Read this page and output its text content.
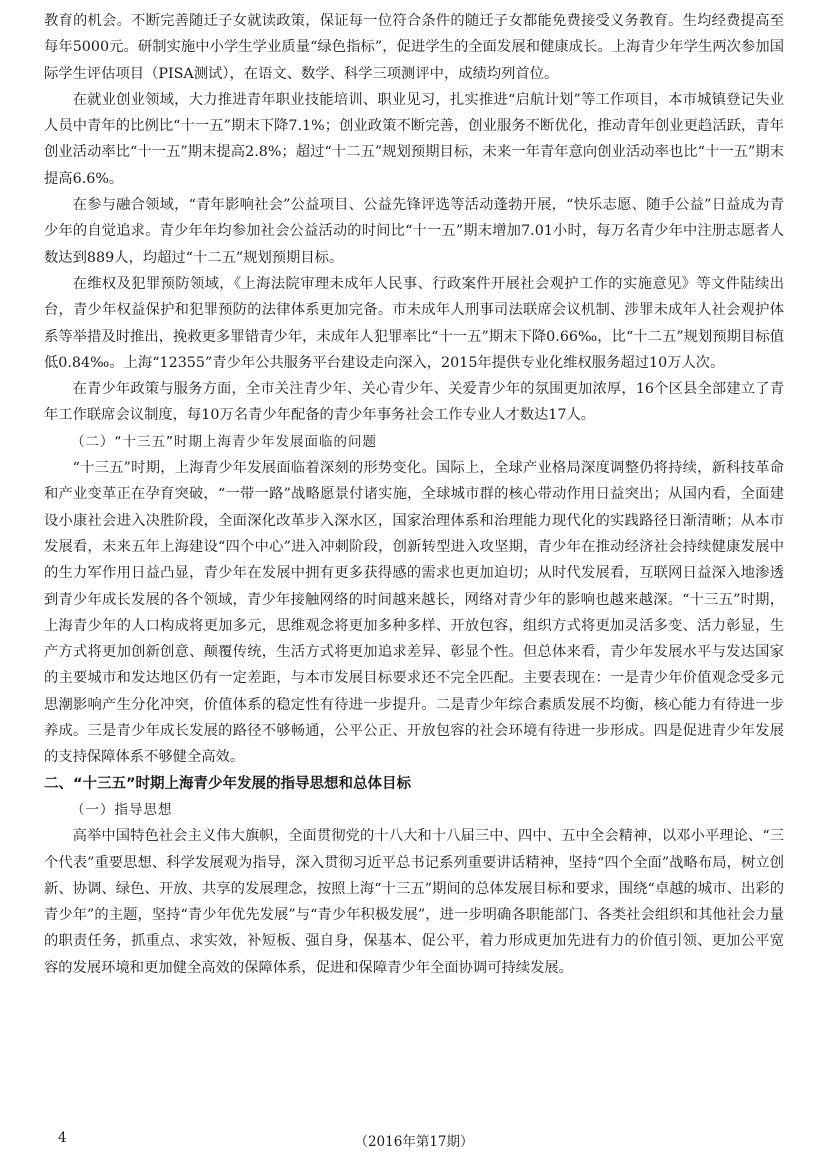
教育的机会。不断完善随迁子女就读政策，保证每一位符合条件的随迁子女都能免费接受义务教育。生均经费提高至每年5000元。研制实施中小学生学业质量“绿色指标”，促进学生的全面发展和健康成长。上海青少年学生两次参加国际学生评估项目（PISA测试），在语文、数学、科学三项测评中，成绩均列首位。

在就业创业领域，大力推进青年职业技能培训、职业见习，扎实推进“启航计划”等工作项目，本市城镇登记失业人员中青年的比例比“十一五”期末下降7.1%；创业政策不断完善，创业服务不断优化，推动青年创业更趋活跃，青年创业活动率比“十一五”期末提高2.8%；超过“十二五”规划预期目标，未来一年青年意向创业活动率也比“十一五”期末提高6.6%。

在参与融合领域，“青年影响社会”公益项目、公益先锋评选等活动蓬勃开展，“快乐志愿、随手公益”日益成为青少年的自觉追求。青少年年均参加社会公益活动的时间比“十一五”期末增加7.01小时，每万名青少年中注册志愿者人数达到889人，均超过“十二五”规划预期目标。

在维权及犯罪预防领域，《上海法院审理未成年人民事、行政案件开展社会观护工作的实施意见》等文件陆续出台，青少年权益保护和犯罪预防的法律体系更加完备。市未成年人刑事司法联席会议机制、涉罪未成年人社会观护体系等举措及时推出，挽救更多罪错青少年，未成年人犯罪率比“十一五”期末下降0.66‰，比“十二五”规划预期目标值低0.84‰。上海“12355”青少年公共服务平台建设走向深入，2015年提供专业化维权服务超过10万人次。

在青少年政策与服务方面，全市关注青少年、关心青少年、关爱青少年的氛围更加浓厚，16个区县全部建立了青年工作联席会议制度，每10万名青少年配备的青少年事务社会工作专业人才数达17人。

（二）“十三五”时期上海青少年发展面临的问题

“十三五”时期，上海青少年发展面临着深刻的形势变化。国际上，全球产业格局深度调整仍将持续，新科技革命和产业变革正在孕育突破，“一带一路”战略愿景付诸实施，全球城市群的核心带动作用日益突出；从国内看，全面建设小康社会进入决胜阶段，全面深化改革步入深水区，国家治理体系和治理能力现代化的实践路径日渐清晰；从本市发展看，未来五年上海建设“四个中心”进入冲刺阶段，创新转型进入攻坚期，青少年在推动经济社会持续健康发展中的生力军作用日益凸显，青少年在发展中拥有更多获得感的需求也更加迫切；从时代发展看，互联网日益深入地渗透到青少年成长发展的各个领域，青少年接触网络的时间越来越长，网络对青少年的影响也越来越深。“十三五”时期，上海青少年的人口构成将更加多元，思维观念将更加多种多样、开放包容，组织方式将更加灵活多变、活力彰显，生产方式将更加创新创意、颠覆传统，生活方式将更加追求差异、彰显个性。但总体来看，青少年发展水平与发达国家的主要城市和发达地区仍有一定差距，与本市发展目标要求还不完全匹配。主要表现在：一是青少年价值观念受多元思潮影响产生分化冲突，价值体系的稳定性有待进一步提升。二是青少年综合素质发展不均衡，核心能力有待进一步养成。三是青少年成长发展的路径不够畅通，公平公正、开放包容的社会环境有待进一步形成。四是促进青少年发展的支持保障体系不够健全高效。

二、“十三五”时期上海青少年发展的指导思想和总体目标

（一）指导思想

高举中国特色社会主义伟大旗帜，全面贯彻党的十八大和十八届三中、四中、五中全会精神，以邓小平理论、“三个代表”重要思想、科学发展观为指导，深入贯彻习近平总书记系列重要讲话精神，坚持“四个全面”战略布局，树立创新、协调、绿色、开放、共享的发展理念，按照上海“十三五”期间的总体发展目标和要求，围绕“卓越的城市、出彩的青少年”的主题，坚持“青少年优先发展”与“青少年积极发展”，进一步明确各职能部门、各类社会组织和其他社会力量的职责任务，抓重点、求实效，补短板、强自身，保基本、促公平，着力形成更加先进有力的价值引领、更加公平宽容的发展环境和更加健全高效的保障体系，促进和保障青少年全面协调可持续发展。

4	（2016年第17期）
